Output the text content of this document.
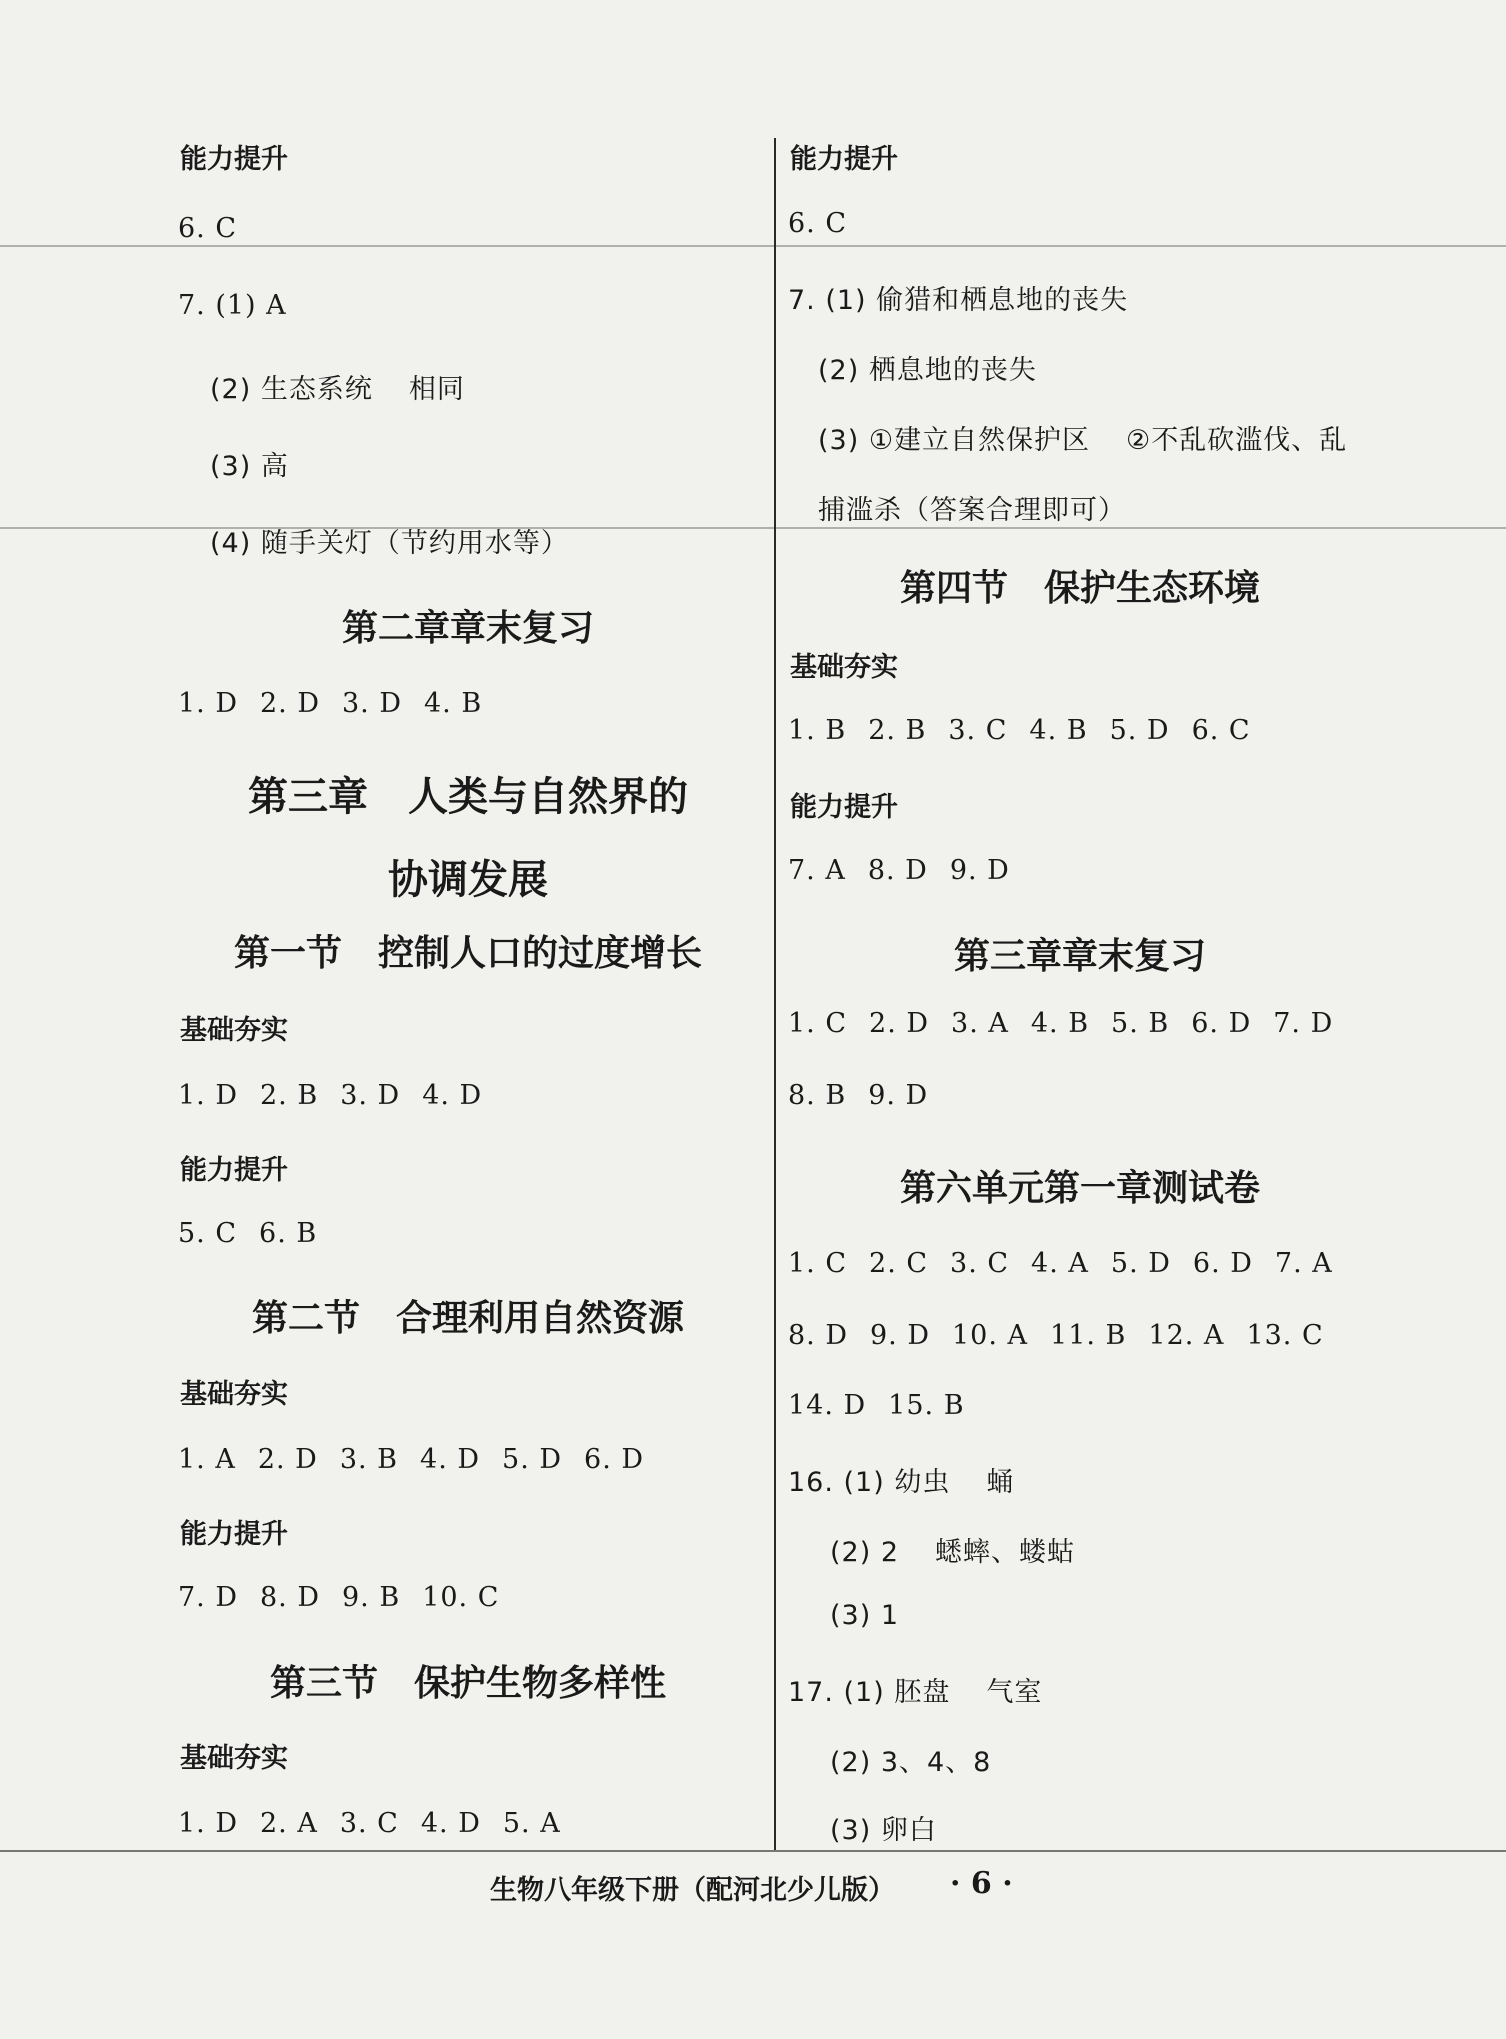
能力提升
6. C
7. (1) A
(2) 生态系统 相同
(3) 高
(4) 随手关灯（节约用水等）
第二章章末复习
1. D 2. D 3. D 4. B
第三章　人类与自然界的
协调发展
第一节　控制人口的过度增长
基础夯实
1. D 2. B 3. D 4. D
能力提升
5. C 6. B
第二节　合理利用自然资源
基础夯实
1. A 2. D 3. B 4. D 5. D 6. D
能力提升
7. D 8. D 9. B 10. C
第三节　保护生物多样性
基础夯实
1. D 2. A 3. C 4. D 5. A
能力提升
6. C
7. (1) 偷猎和栖息地的丧失
(2) 栖息地的丧失
(3) ①建立自然保护区 ②不乱砍滥伐、乱
捕滥杀（答案合理即可）
第四节　保护生态环境
基础夯实
1. B 2. B 3. C 4. B 5. D 6. C
能力提升
7. A 8. D 9. D
第三章章末复习
1. C 2. D 3. A 4. B 5. B 6. D 7. D
8. B 9. D
第六单元第一章测试卷
1. C 2. C 3. C 4. A 5. D 6. D 7. A
8. D 9. D 10. A 11. B 12. A 13. C
14. D 15. B
16. (1) 幼虫 蛹
(2) 2 蟋蟀、蝼蛄
(3) 1
17. (1) 胚盘 气室
(2) 3、4、8
(3) 卵白
生物八年级下册（配河北少儿版） · 6 ·
